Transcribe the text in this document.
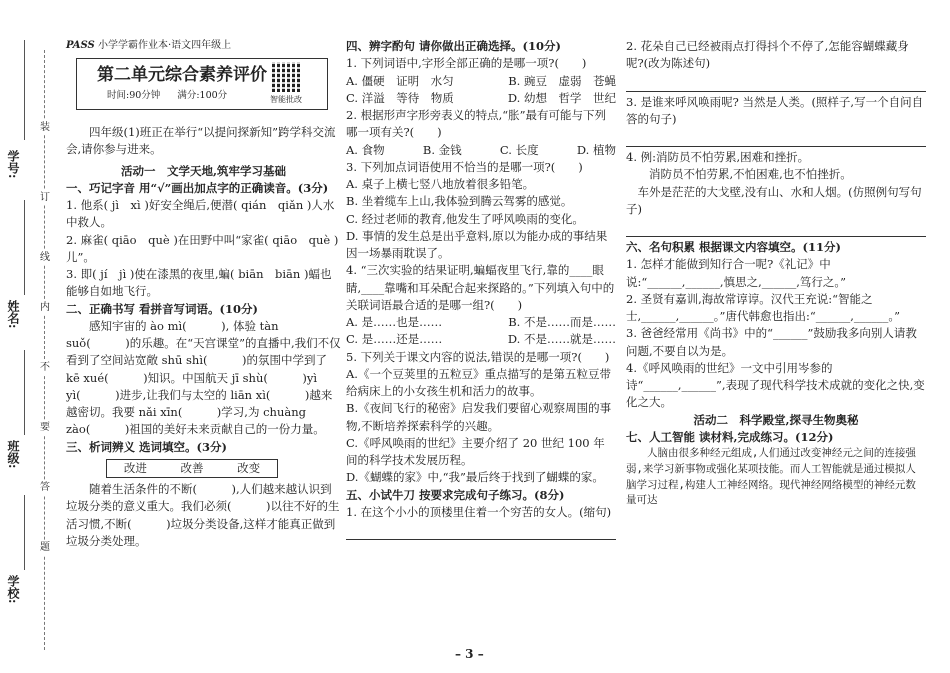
学号:
姓名:
班级:
学校:
装
订
线
内
不
要
答
题
PASS 小学学霸作业本·语文四年级上
第二单元综合素养评价
时间:90分钟 满分:100分	智能批改

四年级(1)班正在举行“以提问探新知”跨学科交流会,请你参与进来。

活动一　文学天地,筑牢学习基础

一、巧记字音 用“√”画出加点字的正确读音。(3分)

1. 他系( jì　xì )好安全绳后,便潜( qián　qiǎn )人水中救人。

2. 麻雀( qiāo　què )在田野中叫“家雀( qiāo　què )儿”。

3. 即( jí　jì )使在漆黑的夜里,蝙( biān　biān )蝠也能够自如地飞行。

二、正确书写 看拼音写词语。(10分)

感知宇宙的 ào mì(　　　), 体验 tàn suǒ(　　　)的乐趣。在“天宫课堂”的直播中,我们不仅看到了空间站宽敞 shū shì(　　　)的氛围中学到了 kē xué(　　　)知识。中国航天 jī shù(　　　)yì yì(　　　)进步,让我们与太空的 liān xì(　　　)越来越密切。我要 nǎi xīn(　　　)学习,为 chuàng zào(　　　)祖国的美好未来贡献自己的一份力量。

三、析词辨义 选词填空。(3分)

改进	改善	改变

随着生活条件的不断(　　　),人们越来越认识到垃圾分类的意义重大。我们必须(　　　)以往不好的生活习惯,不断(　　　)垃圾分类设备,这样才能真正做到垃圾分类处理。

四、辨字酌句 请你做出正确选择。(10分)

1. 下列词语中,字形全部正确的是哪一项?(　　)

A. 僵硬　证明　水匀	B. 豌豆　虚弱　苍蝇
C. 洋溢　等待　物质	D. 幼想　哲学　世纪

2. 根据形声字形旁表义的特点,“胀”最有可能与下列哪一项有关?(　　)

A. 食物	B. 金钱	C. 长度	D. 植物

3. 下列加点词语使用不恰当的是哪一项?(　　)

A. 桌子上横七竖八地放着很多铅笔。

B. 坐着缆车上山,我体验到腾云驾雾的感觉。

C. 经过老师的教育,他发生了呼风唤雨的变化。

D. 事情的发生总是出乎意料,原以为能办成的事结果因一场暴雨耽误了。

4. “三次实验的结果证明,蝙蝠夜里飞行,靠的____眼睛,____靠嘴和耳朵配合起来探路的。”下列填入句中的关联词语最合适的是哪一组?(　　)

A. 是……也是……	B. 不是……而是……
C. 是……还是……	D. 不是……就是……

5. 下列关于课文内容的说法,错误的是哪一项?(　　)

A.《一个豆荚里的五粒豆》重点描写的是第五粒豆带给病床上的小女孩生机和活力的故事。

B.《夜间飞行的秘密》启发我们要留心观察周围的事物,不断培养探索科学的兴趣。

C.《呼风唤雨的世纪》主要介绍了 20 世纪 100 年间的科学技术发展历程。

D.《蝴蝶的家》中,“我”最后终于找到了蝴蝶的家。

五、小试牛刀 按要求完成句子练习。(8分)

1. 在这个小小的顶楼里住着一个穷苦的女人。(缩句)

2. 花朵自己已经被雨点打得抖个不停了,怎能容蝴蝶藏身呢?(改为陈述句)

3. 是谁来呼风唤雨呢? 当然是人类。(照样子,写一个自问自答的句子)

4. 例:消防员不怕劳累,困难和挫折。

消防员不怕劳累,不怕困难,也不怕挫折。

车外是茫茫的大戈壁,没有山、水和人烟。(仿照例句写句子)

六、名句积累 根据课文内容填空。(11分)

1. 怎样才能做到知行合一呢?《礼记》中说:“______,______,慎思之,______,笃行之。”

2. 圣贤有嘉训,海故常谆谆。汉代王充说:“智能之士,______,______。”唐代韩愈也指出:“______,______。”

3. 爸爸经常用《尚书》中的“______”鼓励我多向别人请教问题,不要自以为是。

4.《呼风唤雨的世纪》一文中引用岑参的诗“______,______”,表现了现代科学技术成就的变化之快,变化之大。

活动二　科学殿堂,探寻生物奥秘

七、人工智能 读材料,完成练习。(12分)

人脑由很多种经元组成,人们通过改变神经元之间的连接强弱,来学习新事物或强化某项技能。而人工智能就是通过模拟人脑学习过程,构建人工神经网络。现代神经网络模型的神经元数量可达

– 3 –
